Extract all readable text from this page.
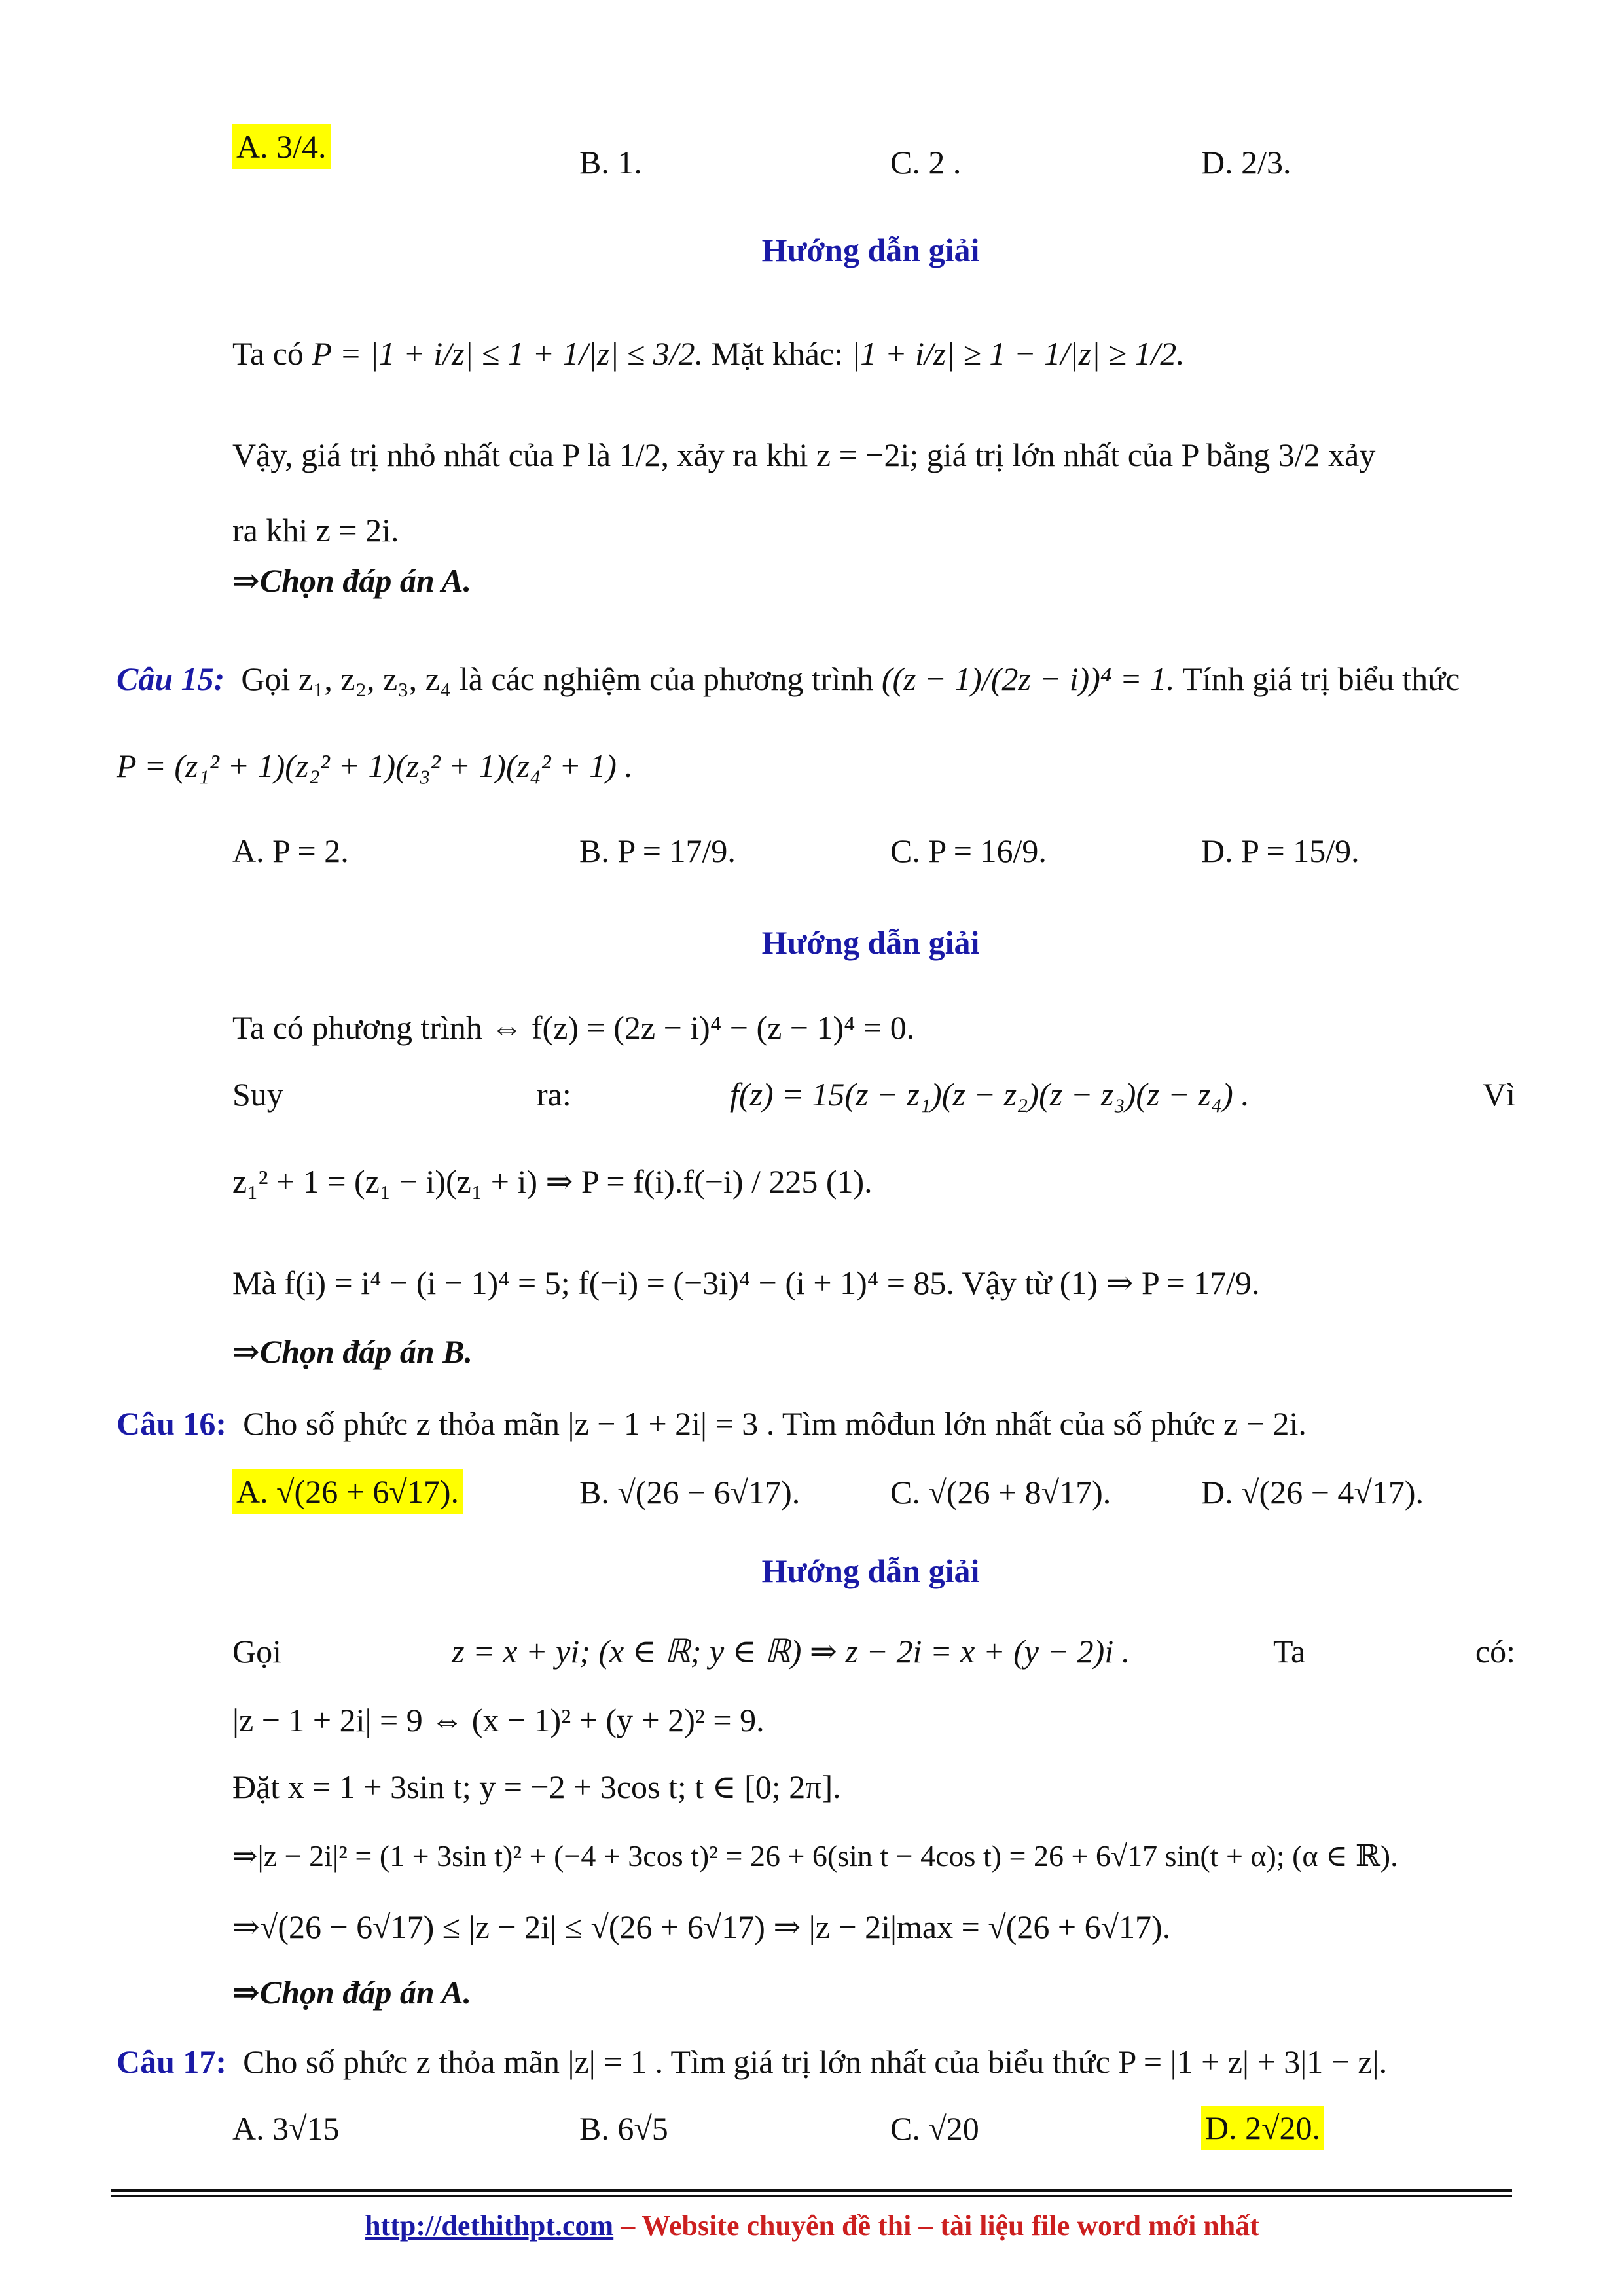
A. 3/4.	B. 1.	C. 2 .	D. 2/3.
Hướng dẫn giải
Ta có P = |1 + i/z| ≤ 1 + 1/|z| ≤ 3/2. Mặt khác: |1 + i/z| ≥ 1 − 1/|z| ≥ 1/2.
Vậy, giá trị nhỏ nhất của P là 1/2, xảy ra khi z = −2i; giá trị lớn nhất của P bằng 3/2 xảy
ra khi z = 2i.
⇒Chọn đáp án A.
Câu 15: Gọi z₁, z₂, z₃, z₄ là các nghiệm của phương trình ((z − 1)/(2z − i))⁴ = 1. Tính giá trị biểu thức
P = (z₁² + 1)(z₂² + 1)(z₃² + 1)(z₄² + 1) .
A. P = 2.	B. P = 17/9.	C. P = 16/9.	D. P = 15/9.
Hướng dẫn giải
Ta có phương trình ⇔ f(z) = (2z − i)⁴ − (z − 1)⁴ = 0.
Suy	ra:	f(z) = 15(z − z₁)(z − z₂)(z − z₃)(z − z₄) .	Vì
z₁² + 1 = (z₁ − i)(z₁ + i) ⇒ P = f(i).f(−i) / 225 (1).
Mà f(i) = i⁴ − (i − 1)⁴ = 5; f(−i) = (−3i)⁴ − (i + 1)⁴ = 85. Vậy từ (1) ⇒ P = 17/9.
⇒Chọn đáp án B.
Câu 16: Cho số phức z thỏa mãn |z − 1 + 2i| = 3 . Tìm môđun lớn nhất của số phức z − 2i.
A. √(26 + 6√17).	B. √(26 − 6√17).	C. √(26 + 8√17).	D. √(26 − 4√17).
Hướng dẫn giải
Gọi	z = x + yi; (x ∈ ℝ; y ∈ ℝ) ⇒ z − 2i = x + (y − 2)i .	Ta	có:
|z − 1 + 2i| = 9 ⇔ (x − 1)² + (y + 2)² = 9.
Đặt x = 1 + 3sin t; y = −2 + 3cos t; t ∈ [0; 2π].
⇒|z − 2i|² = (1 + 3sin t)² + (−4 + 3cos t)² = 26 + 6(sin t − 4cos t) = 26 + 6√17 sin(t + α); (α ∈ ℝ).
⇒√(26 − 6√17) ≤ |z − 2i| ≤ √(26 + 6√17) ⇒ |z − 2i|max = √(26 + 6√17).
⇒Chọn đáp án A.
Câu 17: Cho số phức z thỏa mãn |z| = 1 . Tìm giá trị lớn nhất của biểu thức P = |1 + z| + 3|1 − z|.
A. 3√15	B. 6√5	C. √20	D. 2√20.
http://dethithpt.com – Website chuyên đề thi – tài liệu file word mới nhất
